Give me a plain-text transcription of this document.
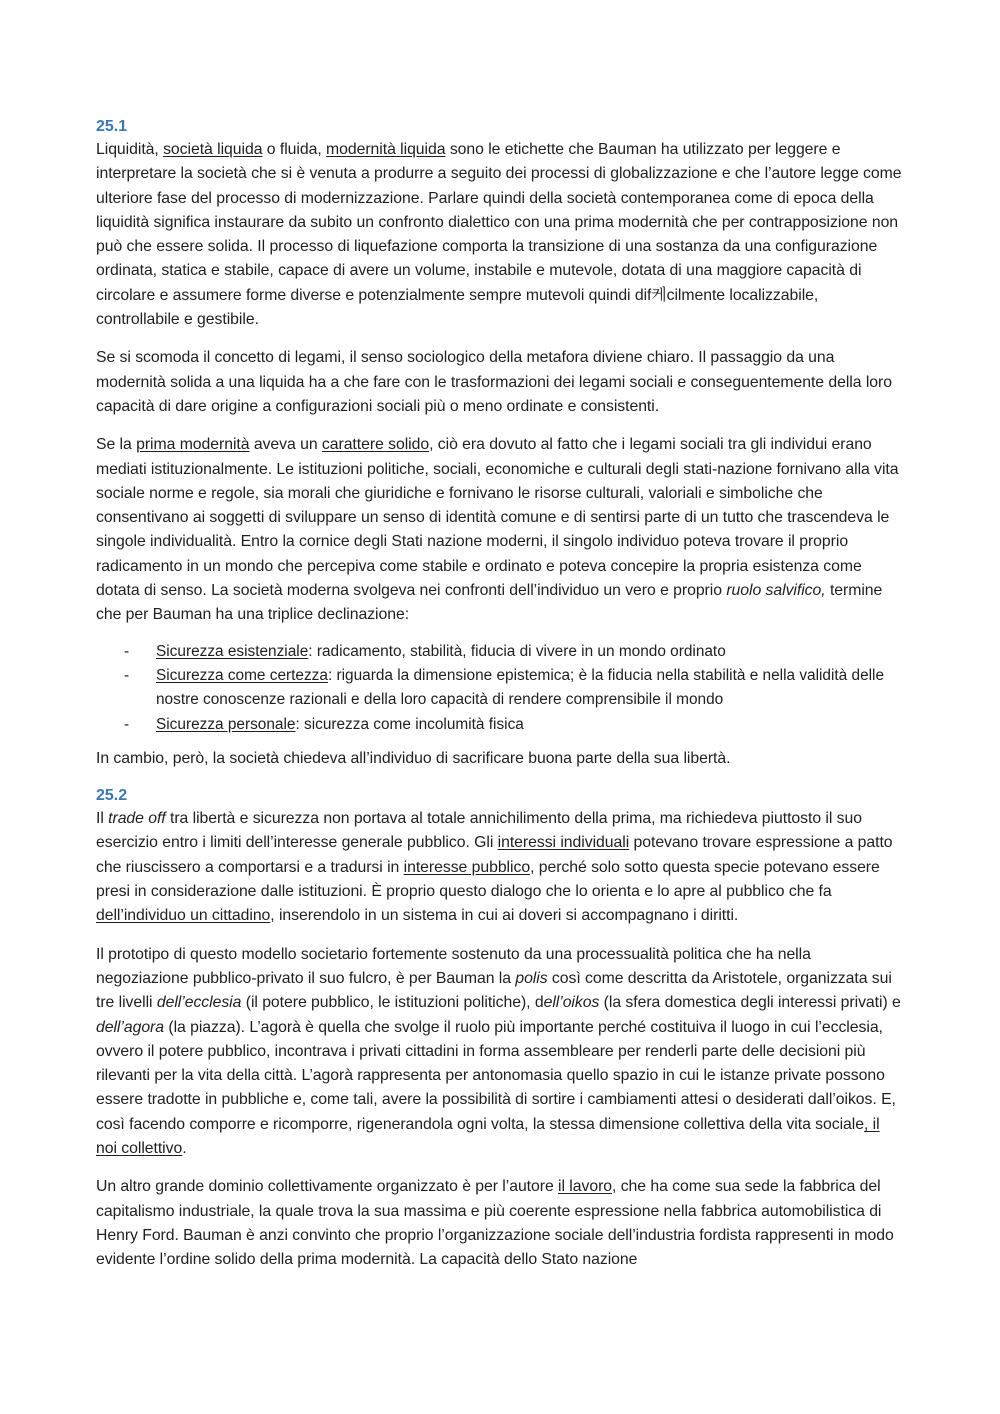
25.1

Liquidità, società liquida o fluida, modernità liquida sono le etichette che Bauman ha utilizzato per leggere e interpretare la società che si è venuta a produrre a seguito dei processi di globalizzazione e che l’autore legge come ulteriore fase del processo di modernizzazione. Parlare quindi della società contemporanea come di epoca della liquidità significa instaurare da subito un confronto dialettico con una prima modernità che per contrapposizione non può che essere solida. Il processo di liquefazione comporta la transizione di una sostanza da una configurazione ordinata, statica e stabile, capace di avere un volume, instabile e mutevole, dotata di una maggiore capacità di circolare e assumere forme diverse e potenzialmente sempre mutevoli quindi dif케cilmente localizzabile, controllabile e gestibile.

Se si scomoda il concetto di legami, il senso sociologico della metafora diviene chiaro. Il passaggio da una modernità solida a una liquida ha a che fare con le trasformazioni dei legami sociali e conseguentemente della loro capacità di dare origine a configurazioni sociali più o meno ordinate e consistenti.

Se la prima modernità aveva un carattere solido, ciò era dovuto al fatto che i legami sociali tra gli individui erano mediati istituzionalmente. Le istituzioni politiche, sociali, economiche e culturali degli stati-nazione fornivano alla vita sociale norme e regole, sia morali che giuridiche e fornivano le risorse culturali, valoriali e simboliche che consentivano ai soggetti di sviluppare un senso di identità comune e di sentirsi parte di un tutto che trascendeva le singole individualità. Entro la cornice degli Stati nazione moderni, il singolo individuo poteva trovare il proprio radicamento in un mondo che percepiva come stabile e ordinato e poteva concepire la propria esistenza come dotata di senso. La società moderna svolgeva nei confronti dell’individuo un vero e proprio ruolo salvifico, termine che per Bauman ha una triplice declinazione:

- Sicurezza esistenziale: radicamento, stabilità, fiducia di vivere in un mondo ordinato
- Sicurezza come certezza: riguarda la dimensione epistemica; è la fiducia nella stabilità e nella validità delle nostre conoscenze razionali e della loro capacità di rendere comprensibile il mondo
- Sicurezza personale: sicurezza come incolumità fisica

In cambio, però, la società chiedeva all’individuo di sacrificare buona parte della sua libertà.

25.2

Il trade off tra libertà e sicurezza non portava al totale annichilimento della prima, ma richiedeva piuttosto il suo esercizio entro i limiti dell’interesse generale pubblico. Gli interessi individuali potevano trovare espressione a patto che riuscissero a comportarsi e a tradursi in interesse pubblico, perché solo sotto questa specie potevano essere presi in considerazione dalle istituzioni. È proprio questo dialogo che lo orienta e lo apre al pubblico che fa dell’individuo un cittadino, inserendolo in un sistema in cui ai doveri si accompagnano i diritti.

Il prototipo di questo modello societario fortemente sostenuto da una processualità politica che ha nella negoziazione pubblico-privato il suo fulcro, è per Bauman la polis così come descritta da Aristotele, organizzata sui tre livelli dell’ecclesia (il potere pubblico, le istituzioni politiche), dell’oikos (la sfera domestica degli interessi privati) e dell’agora (la piazza). L’agorà è quella che svolge il ruolo più importante perché costituiva il luogo in cui l’ecclesia, ovvero il potere pubblico, incontrava i privati cittadini in forma assembleare per renderli parte delle decisioni più rilevanti per la vita della città. L’agorà rappresenta per antonomasia quello spazio in cui le istanze private possono essere tradotte in pubbliche e, come tali, avere la possibilità di sortire i cambiamenti attesi o desiderati dall’oikos. E, così facendo comporre e ricomporre, rigenerandola ogni volta, la stessa dimensione collettiva della vita sociale, il noi collettivo.

Un altro grande dominio collettivamente organizzato è per l’autore il lavoro, che ha come sua sede la fabbrica del capitalismo industriale, la quale trova la sua massima e più coerente espressione nella fabbrica automobilistica di Henry Ford. Bauman è anzi convinto che proprio l’organizzazione sociale dell’industria fordista rappresenti in modo evidente l’ordine solido della prima modernità. La capacità dello Stato nazione
